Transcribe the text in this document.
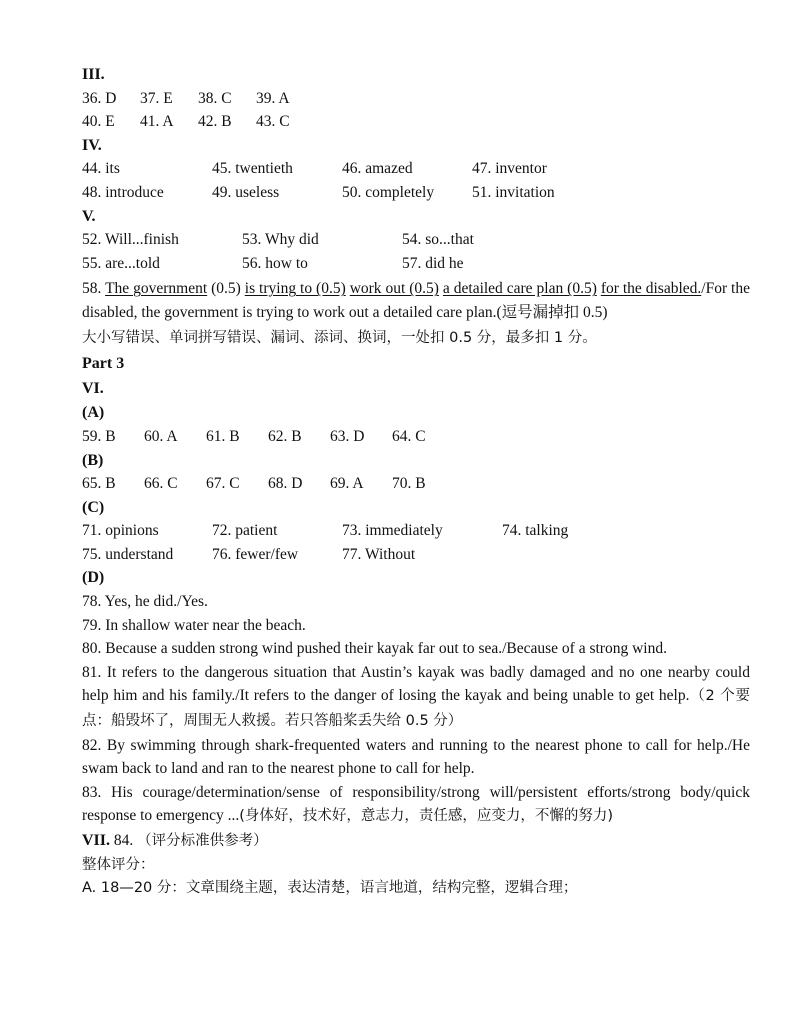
III.
36. D	37. E	38. C	39. A
40. E	41. A	42. B	43. C
IV.
44. its	45. twentieth	46. amazed	47. inventor
48. introduce	49. useless	50. completely	51. invitation
V.
52. Will...finish	53. Why did	54. so...that
55. are...told	56. how to	57. did he
58. The government (0.5) is trying to (0.5) work out (0.5) a detailed care plan (0.5) for the disabled./For the disabled, the government is trying to work out a detailed care plan.(逗号漏掉扣 0.5)
大小写错误、单词拼写错误、漏词、添词、换词，一处扣 0.5 分，最多扣 1 分。
Part 3
VI.
(A)
59. B	60. A	61. B	62. B	63. D	64. C
(B)
65. B	66. C	67. C	68. D	69. A	70. B
(C)
71. opinions	72. patient	73. immediately	74. talking
75. understand	76. fewer/few	77. Without
(D)
78. Yes, he did./Yes.
79. In shallow water near the beach.
80. Because a sudden strong wind pushed their kayak far out to sea./Because of a strong wind.
81. It refers to the dangerous situation that Austin’s kayak was badly damaged and no one nearby could help him and his family./It refers to the danger of losing the kayak and being unable to get help.（2 个要点：船毁坏了，周围无人救援。若只答船桨丢失给 0.5 分）
82. By swimming through shark-frequented waters and running to the nearest phone to call for help./He swam back to land and ran to the nearest phone to call for help.
83. His courage/determination/sense of responsibility/strong will/persistent efforts/strong body/quick response to emergency ...(身体好，技术好，意志力，责任感，应变力，不懈的努力)
VII. 84. （评分标准供参考）
整体评分：
A. 18—20 分：文章围绕主题，表达清楚，语言地道，结构完整，逻辑合理；
